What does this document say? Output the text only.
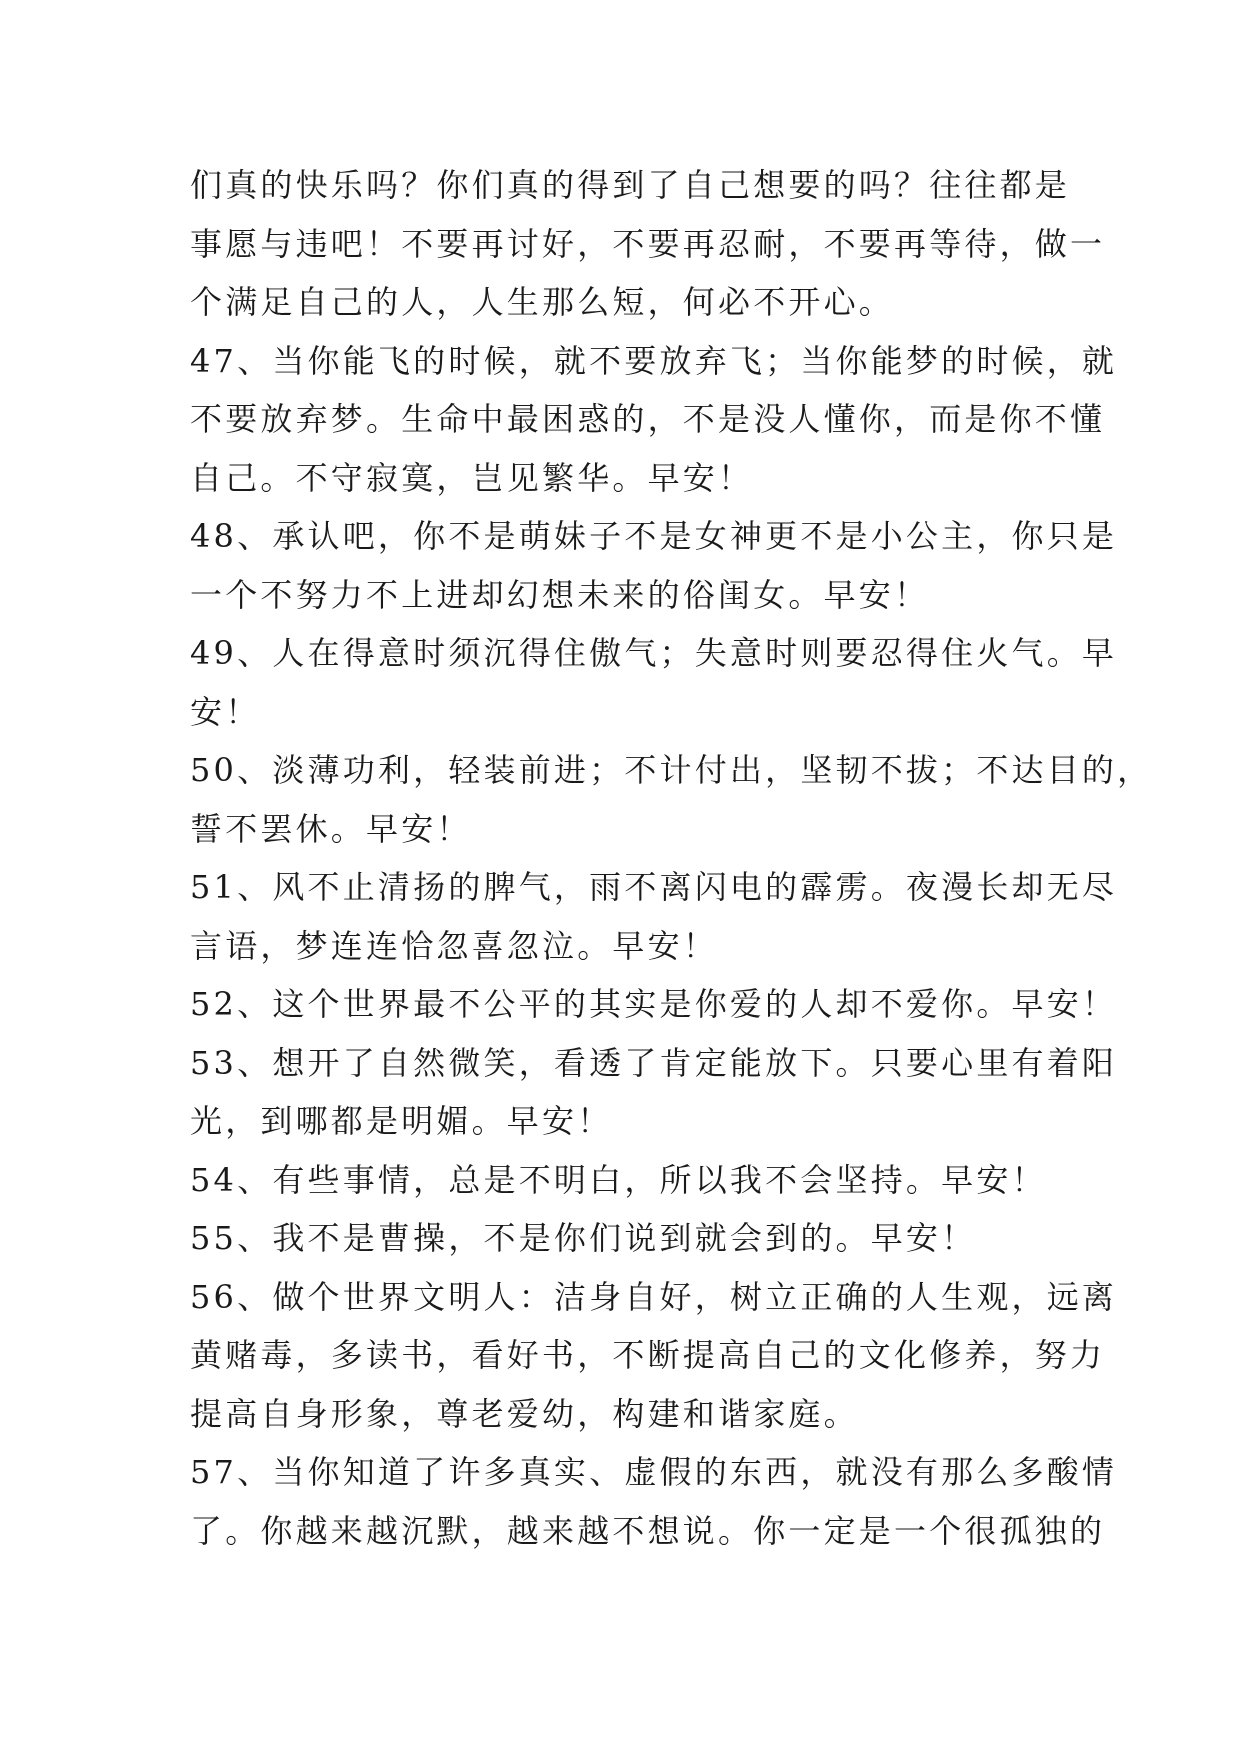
们真的快乐吗？你们真的得到了自己想要的吗？往往都是
事愿与违吧！不要再讨好，不要再忍耐，不要再等待，做一
个满足自己的人，人生那么短，何必不开心。
47、当你能飞的时候，就不要放弃飞；当你能梦的时候，就
不要放弃梦。生命中最困惑的，不是没人懂你，而是你不懂
自己。不守寂寞，岂见繁华。早安！
48、承认吧，你不是萌妹子不是女神更不是小公主，你只是
一个不努力不上进却幻想未来的俗闺女。早安！
49、人在得意时须沉得住傲气；失意时则要忍得住火气。早
安！
50、淡薄功利，轻装前进；不计付出，坚韧不拔；不达目的，
誓不罢休。早安！
51、风不止清扬的脾气，雨不离闪电的霹雳。夜漫长却无尽
言语，梦连连恰忽喜忽泣。早安！
52、这个世界最不公平的其实是你爱的人却不爱你。早安！
53、想开了自然微笑，看透了肯定能放下。只要心里有着阳
光，到哪都是明媚。早安！
54、有些事情，总是不明白，所以我不会坚持。早安！
55、我不是曹操，不是你们说到就会到的。早安！
56、做个世界文明人：洁身自好，树立正确的人生观，远离
黄赌毒，多读书，看好书，不断提高自己的文化修养，努力
提高自身形象，尊老爱幼，构建和谐家庭。
57、当你知道了许多真实、虚假的东西，就没有那么多酸情
了。你越来越沉默，越来越不想说。你一定是一个很孤独的
